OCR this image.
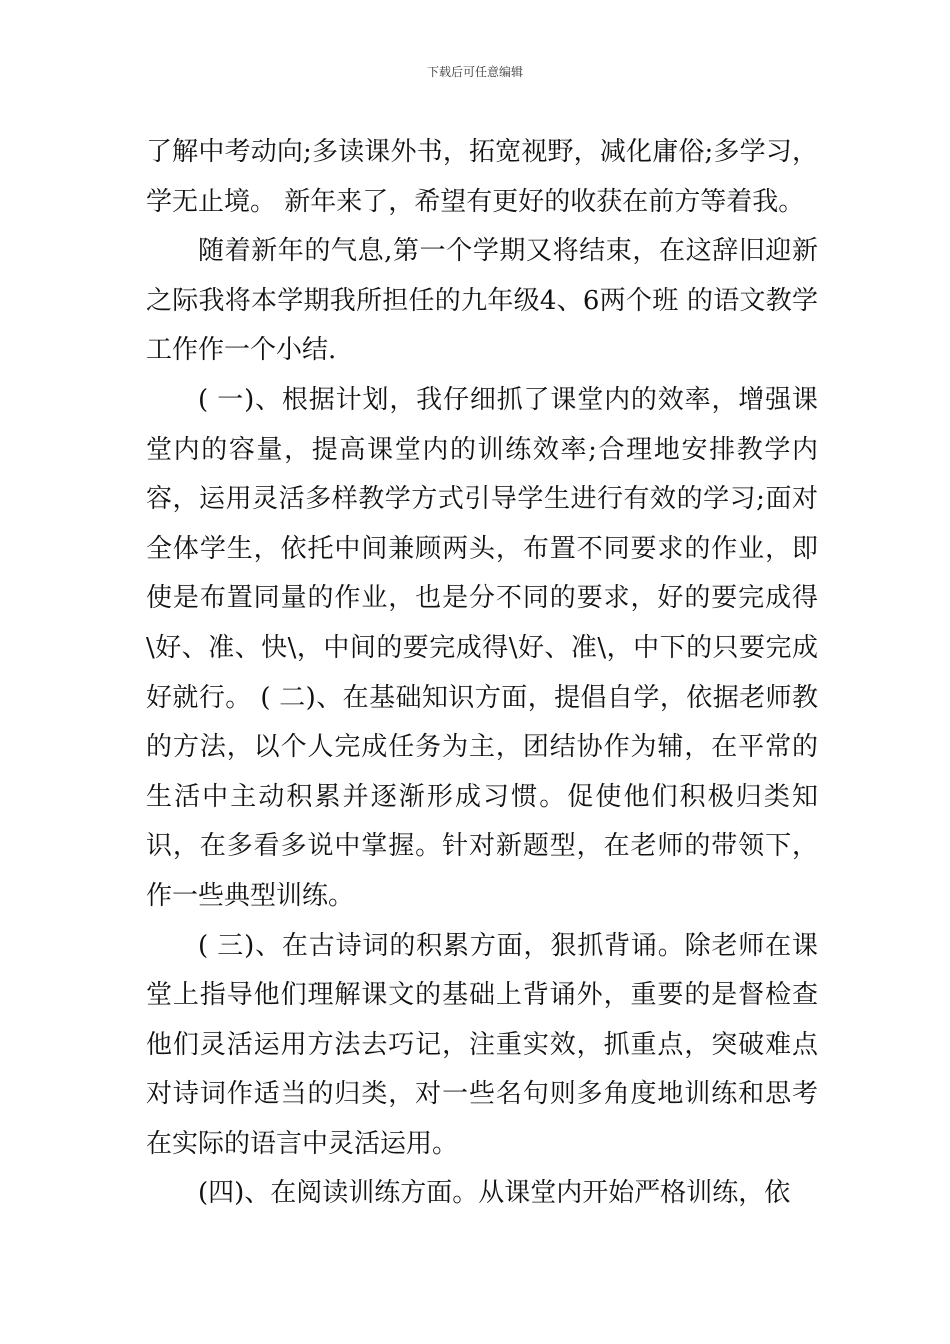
下载后可任意编辑

了解中考动向;多读课外书，拓宽视野，减化庸俗;多学习，学无止境。 新年来了，希望有更好的收获在前方等着我。

随着新年的气息,第一个学期又将结束，在这辞旧迎新之际我将本学期我所担任的九年级4、6两个班 的语文教学工作作一个小结.

( 一)、根据计划，我仔细抓了课堂内的效率，增强课堂内的容量，提高课堂内的训练效率;合理地安排教学内容，运用灵活多样教学方式引导学生进行有效的学习;面对全体学生，依托中间兼顾两头，布置不同要求的作业，即使是布置同量的作业，也是分不同的要求，好的要完成得\好、准、快\，中间的要完成得\好、准\，中下的只要完成好就行。 ( 二)、在基础知识方面，提倡自学，依据老师教的方法，以个人完成任务为主，团结协作为辅，在平常的生活中主动积累并逐渐形成习惯。促使他们积极归类知识，在多看多说中掌握。针对新题型，在老师的带领下，作一些典型训练。

( 三)、在古诗词的积累方面，狠抓背诵。除老师在课堂上指导他们理解课文的基础上背诵外，重要的是督检查他们灵活运用方法去巧记，注重实效，抓重点，突破难点对诗词作适当的归类，对一些名句则多角度地训练和思考在实际的语言中灵活运用。

(四)、在阅读训练方面。从课堂内开始严格训练，依
